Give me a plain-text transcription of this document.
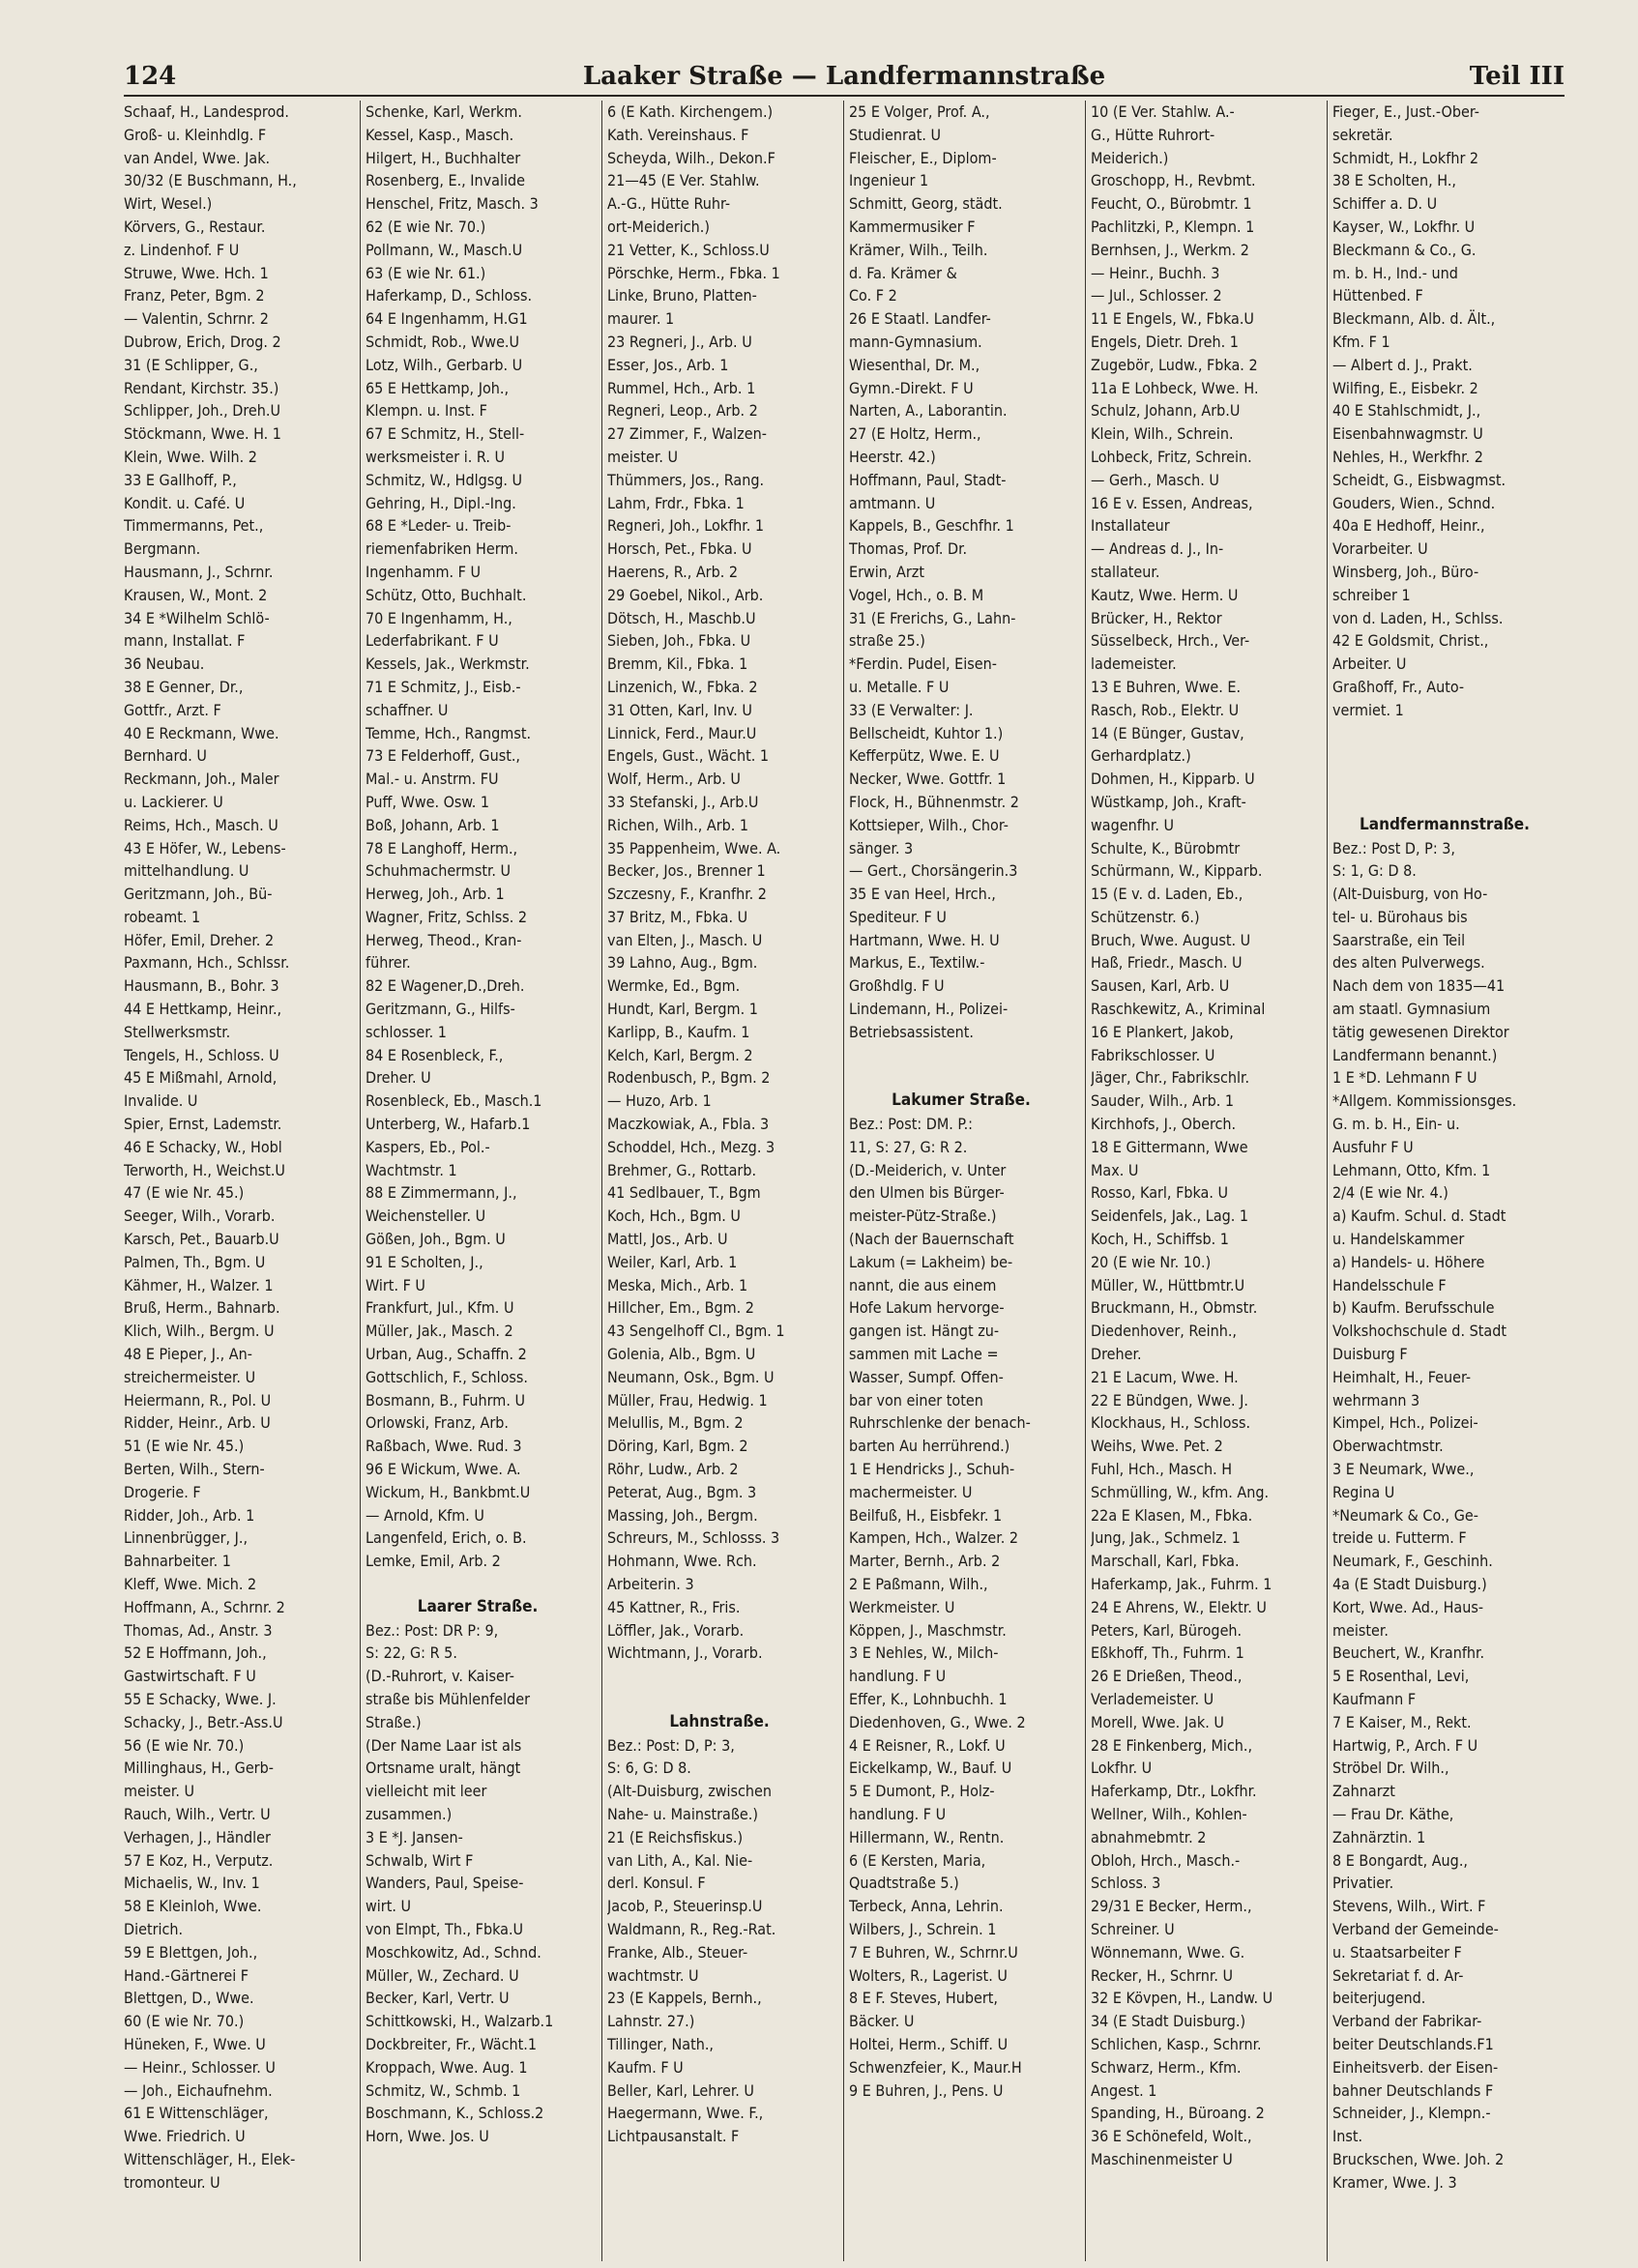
124	Laaker Straße — Landfermannstraße	Teil III
Schaaf, H., Landesprod.
Groß- u. Kleinhdlg. F
van Andel, Wwe. Jak.
30/32 (E Buschmann, H.,
Wirt, Wesel.)
Körvers, G., Restaur.
z. Lindenhof. F U
Struwe, Wwe. Hch. 1
Franz, Peter, Bgm. 2
— Valentin, Schrnr. 2
Dubrow, Erich, Drog. 2
31 (E Schlipper, G.,
Rendant, Kirchstr. 35.)
Schlipper, Joh., Dreh.U
Stöckmann, Wwe. H. 1
Klein, Wwe. Wilh. 2
33 E Gallhoff, P.,
Kondit. u. Café. U
Timmermanns, Pet.,
Bergmann.
Hausmann, J., Schrnr.
Krausen, W., Mont. 2
34 E *Wilhelm Schlö-
mann, Installat. F
36 Neubau.
38 E Genner, Dr.,
Gottfr., Arzt. F
40 E Reckmann, Wwe.
Bernhard. U
Reckmann, Joh., Maler
u. Lackierer. U
Reims, Hch., Masch. U
43 E Höfer, W., Lebens-
mittelhandlung. U
Geritzmann, Joh., Bü-
robeamt. 1
Höfer, Emil, Dreher. 2
Paxmann, Hch., Schlssr.
Hausmann, B., Bohr. 3
44 E Hettkamp, Heinr.,
Stellwerksmstr.
Tengels, H., Schloss. U
45 E Mißmahl, Arnold,
Invalide. U
Spier, Ernst, Lademstr.
46 E Schacky, W., Hobl
Terworth, H., Weichst.U
47 (E wie Nr. 45.)
Seeger, Wilh., Vorarb.
Karsch, Pet., Bauarb.U
Palmen, Th., Bgm. U
Kähmer, H., Walzer. 1
Bruß, Herm., Bahnarb.
Klich, Wilh., Bergm. U
48 E Pieper, J., An-
streichermeister. U
Heiermann, R., Pol. U
Ridder, Heinr., Arb. U
51 (E wie Nr. 45.)
Berten, Wilh., Stern-
Drogerie. F
Ridder, Joh., Arb. 1
Linnenbrügger, J.,
Bahnarbeiter. 1
Kleff, Wwe. Mich. 2
Hoffmann, A., Schrnr. 2
Thomas, Ad., Anstr. 3
52 E Hoffmann, Joh.,
Gastwirtschaft. F U
55 E Schacky, Wwe. J.
Schacky, J., Betr.-Ass.U
56 (E wie Nr. 70.)
Millinghaus, H., Gerb-
meister. U
Rauch, Wilh., Vertr. U
Verhagen, J., Händler
57 E Koz, H., Verputz.
Michaelis, W., Inv. 1
58 E Kleinloh, Wwe.
Dietrich.
59 E Blettgen, Joh.,
Hand.-Gärtnerei F
Blettgen, D., Wwe.
60 (E wie Nr. 70.)
Hüneken, F., Wwe. U
— Heinr., Schlosser. U
— Joh., Eichaufnehm.
61 E Wittenschläger,
Wwe. Friedrich. U
Wittenschläger, H., Elek-
tromonteur. U
Schenke, Karl, Werkm.
Kessel, Kasp., Masch.
Hilgert, H., Buchhalter
Rosenberg, E., Invalide
Henschel, Fritz, Masch. 3
62 (E wie Nr. 70.)
Pollmann, W., Masch.U
63 (E wie Nr. 61.)
Haferkamp, D., Schloss.
64 E Ingenhamm, H.G1
Schmidt, Rob., Wwe.U
Lotz, Wilh., Gerbarb. U
65 E Hettkamp, Joh.,
Klempn. u. Inst. F
67 E Schmitz, H., Stell-
werksmeister i. R. U
Schmitz, W., Hdlgsg. U
Gehring, H., Dipl.-Ing.
68 E *Leder- u. Treib-
riemenfabriken Herm.
Ingenhamm. F U
Schütz, Otto, Buchhalt.
70 E Ingenhamm, H.,
Lederfabrikant. F U
Kessels, Jak., Werkmstr.
71 E Schmitz, J., Eisb.-
schaffner. U
Temme, Hch., Rangmst.
73 E Felderhoff, Gust.,
Mal.- u. Anstrm. FU
Puff, Wwe. Osw. 1
Boß, Johann, Arb. 1
78 E Langhoff, Herm.,
Schuhmachermstr. U
Herweg, Joh., Arb. 1
Wagner, Fritz, Schlss. 2
Herweg, Theod., Kran-
führer.
82 E Wagener,D.,Dreh.
Geritzmann, G., Hilfs-
schlosser. 1
84 E Rosenbleck, F.,
Dreher. U
Rosenbleck, Eb., Masch.1
Unterberg, W., Hafarb.1
Kaspers, Eb., Pol.-
Wachtmstr. 1
88 E Zimmermann, J.,
Weichensteller. U
Gößen, Joh., Bgm. U
91 E Scholten, J.,
Wirt. F U
Frankfurt, Jul., Kfm. U
Müller, Jak., Masch. 2
Urban, Aug., Schaffn. 2
Gottschlich, F., Schloss.
Bosmann, B., Fuhrm. U
Orlowski, Franz, Arb.
Raßbach, Wwe. Rud. 3
96 E Wickum, Wwe. A.
Wickum, H., Bankbmt.U
— Arnold, Kfm. U
Langenfeld, Erich, o. B.
Lemke, Emil, Arb. 2
Laarer Straße.
Bez.: Post: DR P: 9,
S: 22, G: R 5.
(D.-Ruhrort, v. Kaiser-
straße bis Mühlenfelder
Straße.)
(Der Name Laar ist als
Ortsname uralt, hängt
vielleicht mit leer
zusammen.)
3 E *J. Jansen-
Schwalb, Wirt F
Wanders, Paul, Speise-
wirt. U
von Elmpt, Th., Fbka.U
Moschkowitz, Ad., Schnd.
Müller, W., Zechard. U
Becker, Karl, Vertr. U
Schittkowski, H., Walzarb.1
Dockbreiter, Fr., Wächt.1
Kroppach, Wwe. Aug. 1
Schmitz, W., Schmb. 1
Boschmann, K., Schloss.2
Horn, Wwe. Jos. U
6 (E Kath. Kirchengem.)
Kath. Vereinshaus. F
Scheyda, Wilh., Dekon.F
21—45 (E Ver. Stahlw.
A.-G., Hütte Ruhr-
ort-Meiderich.)
21 Vetter, K., Schloss.U
Pörschke, Herm., Fbka. 1
Linke, Bruno, Platten-
maurer. 1
23 Regneri, J., Arb. U
Esser, Jos., Arb. 1
Rummel, Hch., Arb. 1
Regneri, Leop., Arb. 2
27 Zimmer, F., Walzen-
meister. U
Thümmers, Jos., Rang.
Lahm, Frdr., Fbka. 1
Regneri, Joh., Lokfhr. 1
Horsch, Pet., Fbka. U
Haerens, R., Arb. 2
29 Goebel, Nikol., Arb.
Dötsch, H., Maschb.U
Sieben, Joh., Fbka. U
Bremm, Kil., Fbka. 1
Linzenich, W., Fbka. 2
31 Otten, Karl, Inv. U
Linnick, Ferd., Maur.U
Engels, Gust., Wächt. 1
Wolf, Herm., Arb. U
33 Stefanski, J., Arb.U
Richen, Wilh., Arb. 1
35 Pappenheim, Wwe. A.
Becker, Jos., Brenner 1
Szczesny, F., Kranfhr. 2
37 Britz, M., Fbka. U
van Elten, J., Masch. U
39 Lahno, Aug., Bgm.
Wermke, Ed., Bgm.
Hundt, Karl, Bergm. 1
Karlipp, B., Kaufm. 1
Kelch, Karl, Bergm. 2
Rodenbusch, P., Bgm. 2
— Huzo, Arb. 1
Maczkowiak, A., Fbla. 3
Schoddel, Hch., Mezg. 3
Brehmer, G., Rottarb.
41 Sedlbauer, T., Bgm
Koch, Hch., Bgm. U
Mattl, Jos., Arb. U
Weiler, Karl, Arb. 1
Meska, Mich., Arb. 1
Hillcher, Em., Bgm. 2
43 Sengelhoff Cl., Bgm. 1
Golenia, Alb., Bgm. U
Neumann, Osk., Bgm. U
Müller, Frau, Hedwig. 1
Melullis, M., Bgm. 2
Döring, Karl, Bgm. 2
Röhr, Ludw., Arb. 2
Peterat, Aug., Bgm. 3
Massing, Joh., Bergm.
Schreurs, M., Schlosss. 3
Hohmann, Wwe. Rch.
Arbeiterin. 3
45 Kattner, R., Fris.
Löffler, Jak., Vorarb.
Wichtmann, J., Vorarb.
Lahnstraße.
Bez.: Post: D, P: 3,
S: 6, G: D 8.
(Alt-Duisburg, zwischen
Nahe- u. Mainstraße.)
21 (E Reichsfiskus.)
van Lith, A., Kal. Nie-
derl. Konsul. F
Jacob, P., Steuerinsp.U
Waldmann, R., Reg.-Rat.
Franke, Alb., Steuer-
wachtmstr. U
23 (E Kappels, Bernh.,
Lahnstr. 27.)
Tillinger, Nath.,
Kaufm. F U
Beller, Karl, Lehrer. U
Haegermann, Wwe. F.,
Lichtpausanstalt. F
25 E Volger, Prof. A.,
Studienrat. U
Fleischer, E., Diplom-
Ingenieur 1
Schmitt, Georg, städt.
Kammermusiker F
Krämer, Wilh., Teilh.
d. Fa. Krämer &
Co. F 2
26 E Staatl. Landfer-
mann-Gymnasium.
Wiesenthal, Dr. M.,
Gymn.-Direkt. F U
Narten, A., Laborantin.
27 (E Holtz, Herm.,
Heerstr. 42.)
Hoffmann, Paul, Stadt-
amtmann. U
Kappels, B., Geschfhr. 1
Thomas, Prof. Dr.
Erwin, Arzt
Vogel, Hch., o. B. M
31 (E Frerichs, G., Lahn-
straße 25.)
*Ferdin. Pudel, Eisen-
u. Metalle. F U
33 (E Verwalter: J.
Bellscheidt, Kuhtor 1.)
Kefferpütz, Wwe. E. U
Necker, Wwe. Gottfr. 1
Flock, H., Bühnenmstr. 2
Kottsieper, Wilh., Chor-
sänger. 3
— Gert., Chorsängerin.3
35 E van Heel, Hrch.,
Spediteur. F U
Hartmann, Wwe. H. U
Markus, E., Textilw.-
Großhdlg. F U
Lindemann, H., Polizei-
Betriebsassistent.
Lakumer Straße.
Bez.: Post: DM. P.:
11, S: 27, G: R 2.
(D.-Meiderich, v. Unter
den Ulmen bis Bürger-
meister-Pütz-Straße.)
(Nach der Bauernschaft
Lakum (= Lakheim) be-
nannt, die aus einem
Hofe Lakum hervorge-
gangen ist. Hängt zu-
sammen mit Lache =
Wasser, Sumpf. Offen-
bar von einer toten
Ruhrschlenke der benach-
barten Au herrührend.)
1 E Hendricks J., Schuh-
machermeister. U
Beilfuß, H., Eisbfekr. 1
Kampen, Hch., Walzer. 2
Marter, Bernh., Arb. 2
2 E Paßmann, Wilh.,
Werkmeister. U
Köppen, J., Maschmstr.
3 E Nehles, W., Milch-
handlung. F U
Effer, K., Lohnbuchh. 1
Diedenhoven, G., Wwe. 2
4 E Reisner, R., Lokf. U
Eickelkamp, W., Bauf. U
5 E Dumont, P., Holz-
handlung. F U
Hillermann, W., Rentn.
6 (E Kersten, Maria,
Quadtstraße 5.)
Terbeck, Anna, Lehrin.
Wilbers, J., Schrein. 1
7 E Buhren, W., Schrnr.U
Wolters, R., Lagerist. U
8 E F. Steves, Hubert,
Bäcker. U
Holtei, Herm., Schiff. U
Schwenzfeier, K., Maur.H
9 E Buhren, J., Pens. U
10 (E Ver. Stahlw. A.-
G., Hütte Ruhrort-
Meiderich.)
Groschopp, H., Revbmt.
Feucht, O., Bürobmtr. 1
Pachlitzki, P., Klempn. 1
Bernhsen, J., Werkm. 2
— Heinr., Buchh. 3
— Jul., Schlosser. 2
11 E Engels, W., Fbka.U
Engels, Dietr. Dreh. 1
Zugebör, Ludw., Fbka. 2
11a E Lohbeck, Wwe. H.
Schulz, Johann, Arb.U
Klein, Wilh., Schrein.
Lohbeck, Fritz, Schrein.
— Gerh., Masch. U
16 E v. Essen, Andreas,
Installateur
— Andreas d. J., In-
stallateur.
Kautz, Wwe. Herm. U
Brücker, H., Rektor
Süsselbeck, Hrch., Ver-
lademeister.
13 E Buhren, Wwe. E.
Rasch, Rob., Elektr. U
14 (E Bünger, Gustav,
Gerhardplatz.)
Dohmen, H., Kipparb. U
Wüstkamp, Joh., Kraft-
wagenfhr. U
Schulte, K., Bürobmtr
Schürmann, W., Kipparb.
15 (E v. d. Laden, Eb.,
Schützenstr. 6.)
Bruch, Wwe. August. U
Haß, Friedr., Masch. U
Sausen, Karl, Arb. U
Raschkewitz, A., Kriminal
16 E Plankert, Jakob,
Fabrikschlosser. U
Jäger, Chr., Fabrikschlr.
Sauder, Wilh., Arb. 1
Kirchhofs, J., Oberch.
18 E Gittermann, Wwe
Max. U
Rosso, Karl, Fbka. U
Seidenfels, Jak., Lag. 1
Koch, H., Schiffsb. 1
20 (E wie Nr. 10.)
Müller, W., Hüttbmtr.U
Bruckmann, H., Obmstr.
Diedenhover, Reinh.,
Dreher.
21 E Lacum, Wwe. H.
22 E Bündgen, Wwe. J.
Klockhaus, H., Schloss.
Weihs, Wwe. Pet. 2
Fuhl, Hch., Masch. H
Schmülling, W., kfm. Ang.
22a E Klasen, M., Fbka.
Jung, Jak., Schmelz. 1
Marschall, Karl, Fbka.
Haferkamp, Jak., Fuhrm. 1
24 E Ahrens, W., Elektr. U
Peters, Karl, Bürogeh.
Eßkhoff, Th., Fuhrm. 1
26 E Drießen, Theod.,
Verlademeister. U
Morell, Wwe. Jak. U
28 E Finkenberg, Mich.,
Lokfhr. U
Haferkamp, Dtr., Lokfhr.
Wellner, Wilh., Kohlen-
abnahmebmtr. 2
Obloh, Hrch., Masch.-
Schloss. 3
29/31 E Becker, Herm.,
Schreiner. U
Wönnemann, Wwe. G.
Recker, H., Schrnr. U
32 E Kövpen, H., Landw. U
34 (E Stadt Duisburg.)
Schlichen, Kasp., Schrnr.
Schwarz, Herm., Kfm.
Angest. 1
Spanding, H., Büroang. 2
36 E Schönefeld, Wolt.,
Maschinenmeister U
Fieger, E., Just.-Ober-
sekretär.
Schmidt, H., Lokfhr 2
38 E Scholten, H.,
Schiffer a. D. U
Kayser, W., Lokfhr. U
Bleckmann & Co., G.
m. b. H., Ind.- und
Hüttenbed. F
Bleckmann, Alb. d. Ält.,
Kfm. F 1
— Albert d. J., Prakt.
Wilfing, E., Eisbekr. 2
40 E Stahlschmidt, J.,
Eisenbahnwagmstr. U
Nehles, H., Werkfhr. 2
Scheidt, G., Eisbwagmst.
Gouders, Wien., Schnd.
40a E Hedhoff, Heinr.,
Vorarbeiter. U
Winsberg, Joh., Büro-
schreiber 1
von d. Laden, H., Schlss.
42 E Goldsmit, Christ.,
Arbeiter. U
Graßhoff, Fr., Auto-
vermiet. 1
Landfermannstraße.
Bez.: Post D, P: 3,
S: 1, G: D 8.
(Alt-Duisburg, von Ho-
tel- u. Bürohaus bis
Saarstraße, ein Teil
des alten Pulverwegs.
Nach dem von 1835—41
am staatl. Gymnasium
tätig gewesenen Direktor
Landfermann benannt.)
1 E *D. Lehmann F U
*Allgem. Kommissionsges.
G. m. b. H., Ein- u.
Ausfuhr F U
Lehmann, Otto, Kfm. 1
2/4 (E wie Nr. 4.)
a) Kaufm. Schul. d. Stadt
u. Handelskammer
a) Handels- u. Höhere
Handelsschule F
b) Kaufm. Berufsschule
Volkshochschule d. Stadt
Duisburg F
Heimhalt, H., Feuer-
wehrmann 3
Kimpel, Hch., Polizei-
Oberwachtmstr.
3 E Neumark, Wwe.,
Regina U
*Neumark & Co., Ge-
treide u. Futterm. F
Neumark, F., Geschinh.
4a (E Stadt Duisburg.)
Kort, Wwe. Ad., Haus-
meister.
Beuchert, W., Kranfhr.
5 E Rosenthal, Levi,
Kaufmann F
7 E Kaiser, M., Rekt.
Hartwig, P., Arch. F U
Ströbel Dr. Wilh.,
Zahnarzt
— Frau Dr. Käthe,
Zahnärztin. 1
8 E Bongardt, Aug.,
Privatier.
Stevens, Wilh., Wirt. F
Verband der Gemeinde-
u. Staatsarbeiter F
Sekretariat f. d. Ar-
beiterjugend.
Verband der Fabrikar-
beiter Deutschlands.F1
Einheitsverb. der Eisen-
bahner Deutschlands F
Schneider, J., Klempn.-
Inst.
Bruckschen, Wwe. Joh. 2
Kramer, Wwe. J. 3
